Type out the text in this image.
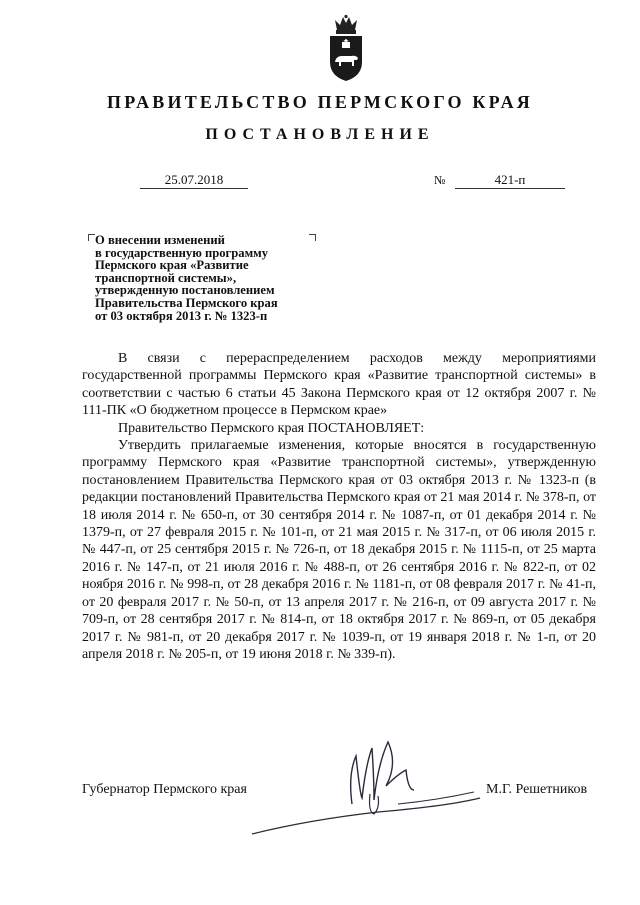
ПРАВИТЕЛЬСТВО ПЕРМСКОГО КРАЯ
ПОСТАНОВЛЕНИЕ
25.07.2018	№	421-п
О внесении изменений
в государственную программу
Пермского края «Развитие
транспортной системы»,
утвержденную постановлением
Правительства Пермского края
от 03 октября 2013 г. № 1323-п

В связи с перераспределением расходов между мероприятиями государственной программы Пермского края «Развитие транспортной системы» в соответствии с частью 6 статьи 45 Закона Пермского края от 12 октября 2007 г. № 111-ПК «О бюджетном процессе в Пермском крае»

Правительство Пермского края ПОСТАНОВЛЯЕТ:

Утвердить прилагаемые изменения, которые вносятся в государственную программу Пермского края «Развитие транспортной системы», утвержденную постановлением Правительства Пермского края от 03 октября 2013 г. № 1323-п (в редакции постановлений Правительства Пермского края от 21 мая 2014 г. № 378-п, от 18 июля 2014 г. № 650-п, от 30 сентября 2014 г. № 1087-п, от 01 декабря 2014 г. № 1379-п, от 27 февраля 2015 г. № 101-п, от 21 мая 2015 г. № 317-п, от 06 июля 2015 г. № 447-п, от 25 сентября 2015 г. № 726-п, от 18 декабря 2015 г. № 1115-п, от 25 марта 2016 г. № 147-п, от 21 июля 2016 г. № 488-п, от 26 сентября 2016 г. № 822-п, от 02 ноября 2016 г. № 998-п, от 28 декабря 2016 г. № 1181-п, от 08 февраля 2017 г. № 41-п, от 20 февраля 2017 г. № 50-п, от 13 апреля 2017 г. № 216-п, от 09 августа 2017 г. № 709-п, от 28 сентября 2017 г. № 814-п, от 18 октября 2017 г. № 869-п, от 05 декабря 2017 г. № 981-п, от 20 декабря 2017 г. № 1039-п, от 19 января 2018 г. № 1-п, от 20 апреля 2018 г. № 205-п, от 19 июня 2018 г. № 339-п).

Губернатор Пермского края	М.Г. Решетников
